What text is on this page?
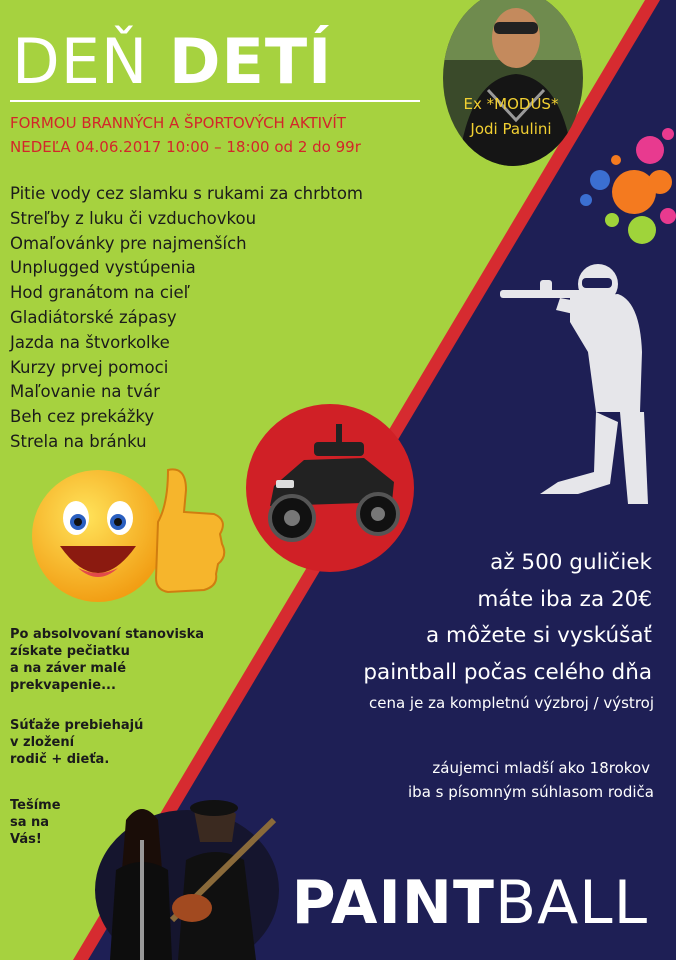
Ex *MODUS*
Jodi Paulini
DEŇ DETÍ
FORMOU BRANNÝCH A ŠPORTOVÝCH AKTIVÍT
NEDEĽA 04.06.2017 10:00 – 18:00 od 2 do 99r
Pitie vody cez slamku s rukami za chrbtom
Streľby z luku či vzduchovkou
Omaľovánky pre najmenších
Unplugged vystúpenia
Hod granátom na cieľ
Gladiátorské zápasy
Jazda na štvorkolke
Kurzy prvej pomoci
Maľovanie na tvár
Beh cez prekážky
Strela na bránku
Po absolvovaní stanoviska
získate pečiatku
a na záver malé
prekvapenie...
Súťaže prebiehajú
v zložení
rodič + dieťa.
Tešíme
sa na
Vás!
až 500 guličiek
máte iba za 20€
a môžete si vyskúšať
paintball počas celého dňa
cena je za kompletnú výzbroj / výstroj
záujemci mladší ako 18rokov
iba s písomným súhlasom rodiča
PAINTBALL
